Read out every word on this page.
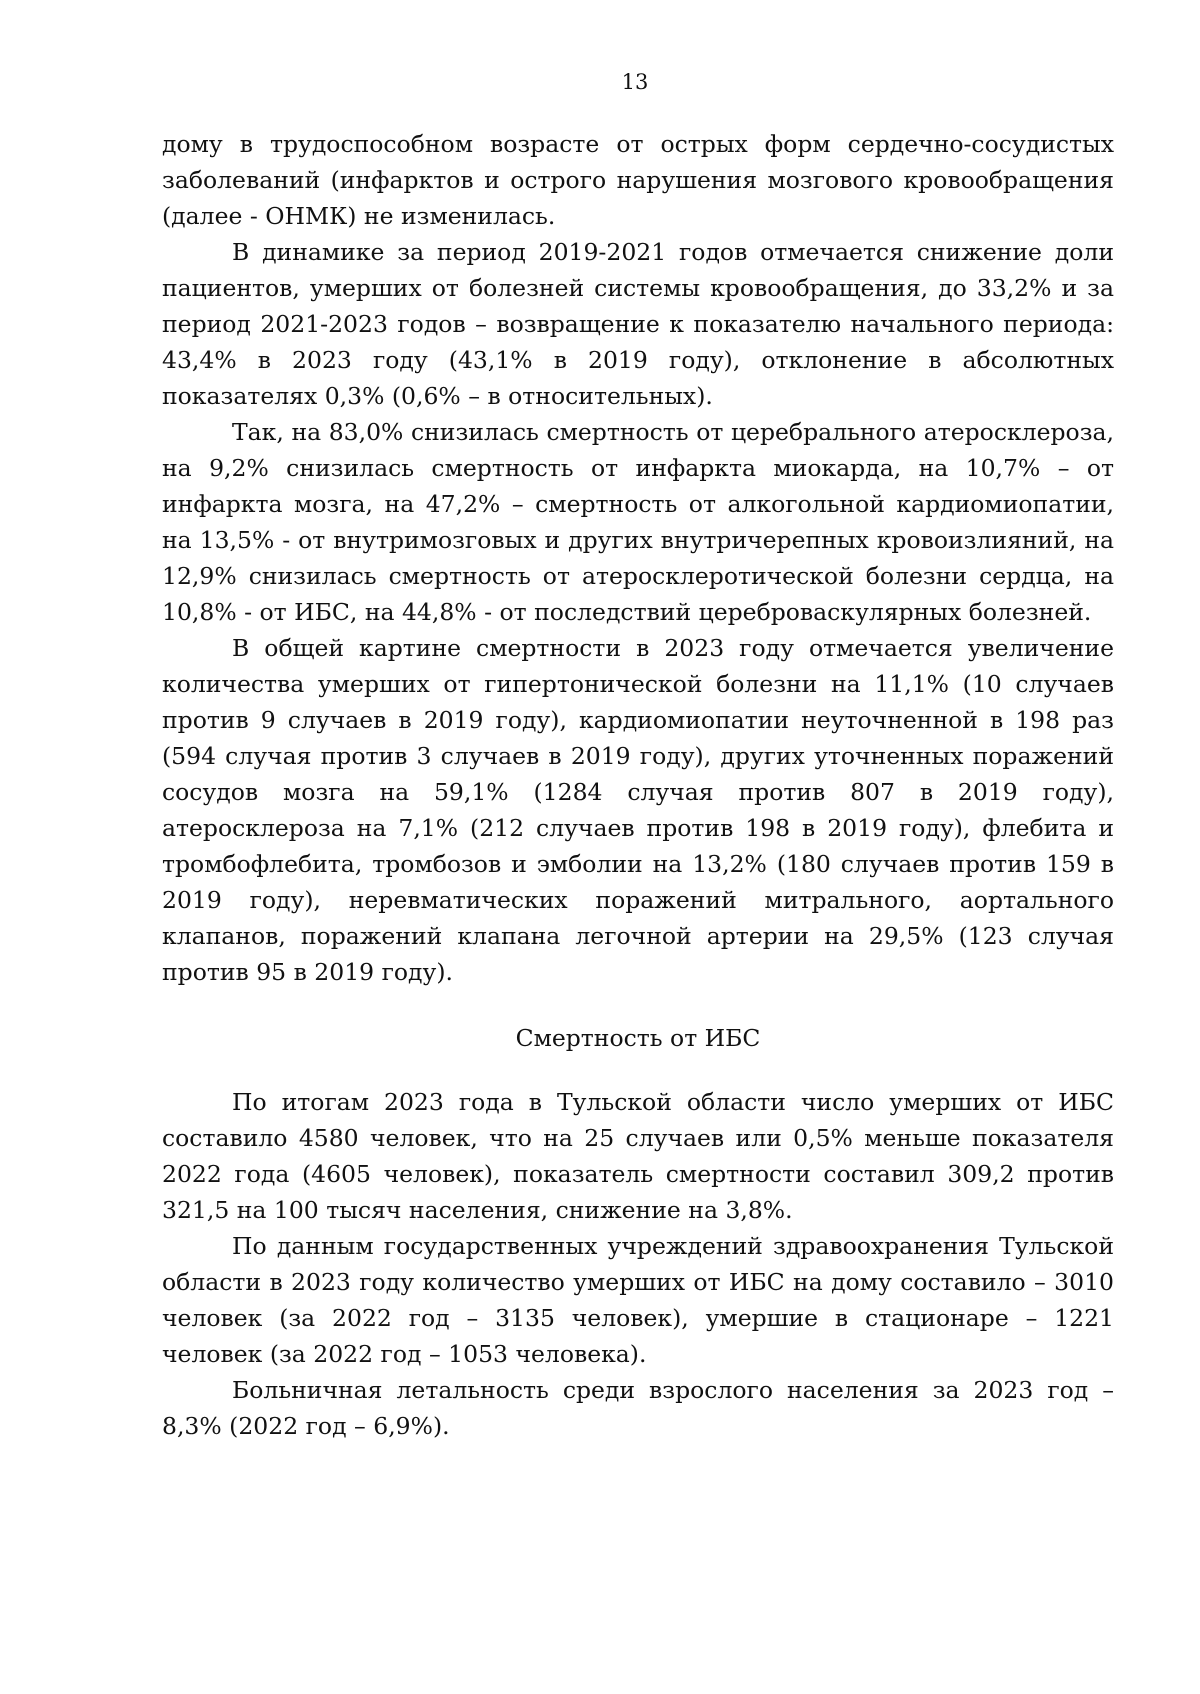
13

дому в трудоспособном возрасте от острых форм сердечно-сосудистых заболеваний (инфарктов и острого нарушения мозгового кровообращения (далее - ОНМК) не изменилась.

В динамике за период 2019-2021 годов отмечается снижение доли пациентов, умерших от болезней системы кровообращения, до 33,2% и за период 2021-2023 годов – возвращение к показателю начального периода: 43,4% в 2023 году (43,1% в 2019 году), отклонение в абсолютных показателях 0,3% (0,6% – в относительных).

Так, на 83,0% снизилась смертность от церебрального атеросклероза, на 9,2% снизилась смертность от инфаркта миокарда, на 10,7% – от инфаркта мозга, на 47,2% – смертность от алкогольной кардиомиопатии, на 13,5% - от внутримозговых и других внутричерепных кровоизлияний, на 12,9% снизилась смертность от атеросклеротической болезни сердца, на 10,8% - от ИБС, на 44,8% - от последствий цереброваскулярных болезней.

В общей картине смертности в 2023 году отмечается увеличение количества умерших от гипертонической болезни на 11,1% (10 случаев против 9 случаев в 2019 году), кардиомиопатии неуточненной в 198 раз (594 случая против 3 случаев в 2019 году), других уточненных поражений сосудов мозга на 59,1% (1284 случая против 807 в 2019 году), атеросклероза на 7,1% (212 случаев против 198 в 2019 году), флебита и тромбофлебита, тромбозов и эмболии на 13,2% (180 случаев против 159 в 2019 году), неревматических поражений митрального, аортального клапанов, поражений клапана легочной артерии на 29,5% (123 случая против 95 в 2019 году).

Смертность от ИБС

По итогам 2023 года в Тульской области число умерших от ИБС составило 4580 человек, что на 25 случаев или 0,5% меньше показателя 2022 года (4605 человек), показатель смертности составил 309,2 против 321,5 на 100 тысяч населения, снижение на 3,8%.

По данным государственных учреждений здравоохранения Тульской области в 2023 году количество умерших от ИБС на дому составило – 3010 человек (за 2022 год – 3135 человек), умершие в стационаре – 1221 человек (за 2022 год – 1053 человека).

Больничная летальность среди взрослого населения за 2023 год – 8,3% (2022 год – 6,9%).
